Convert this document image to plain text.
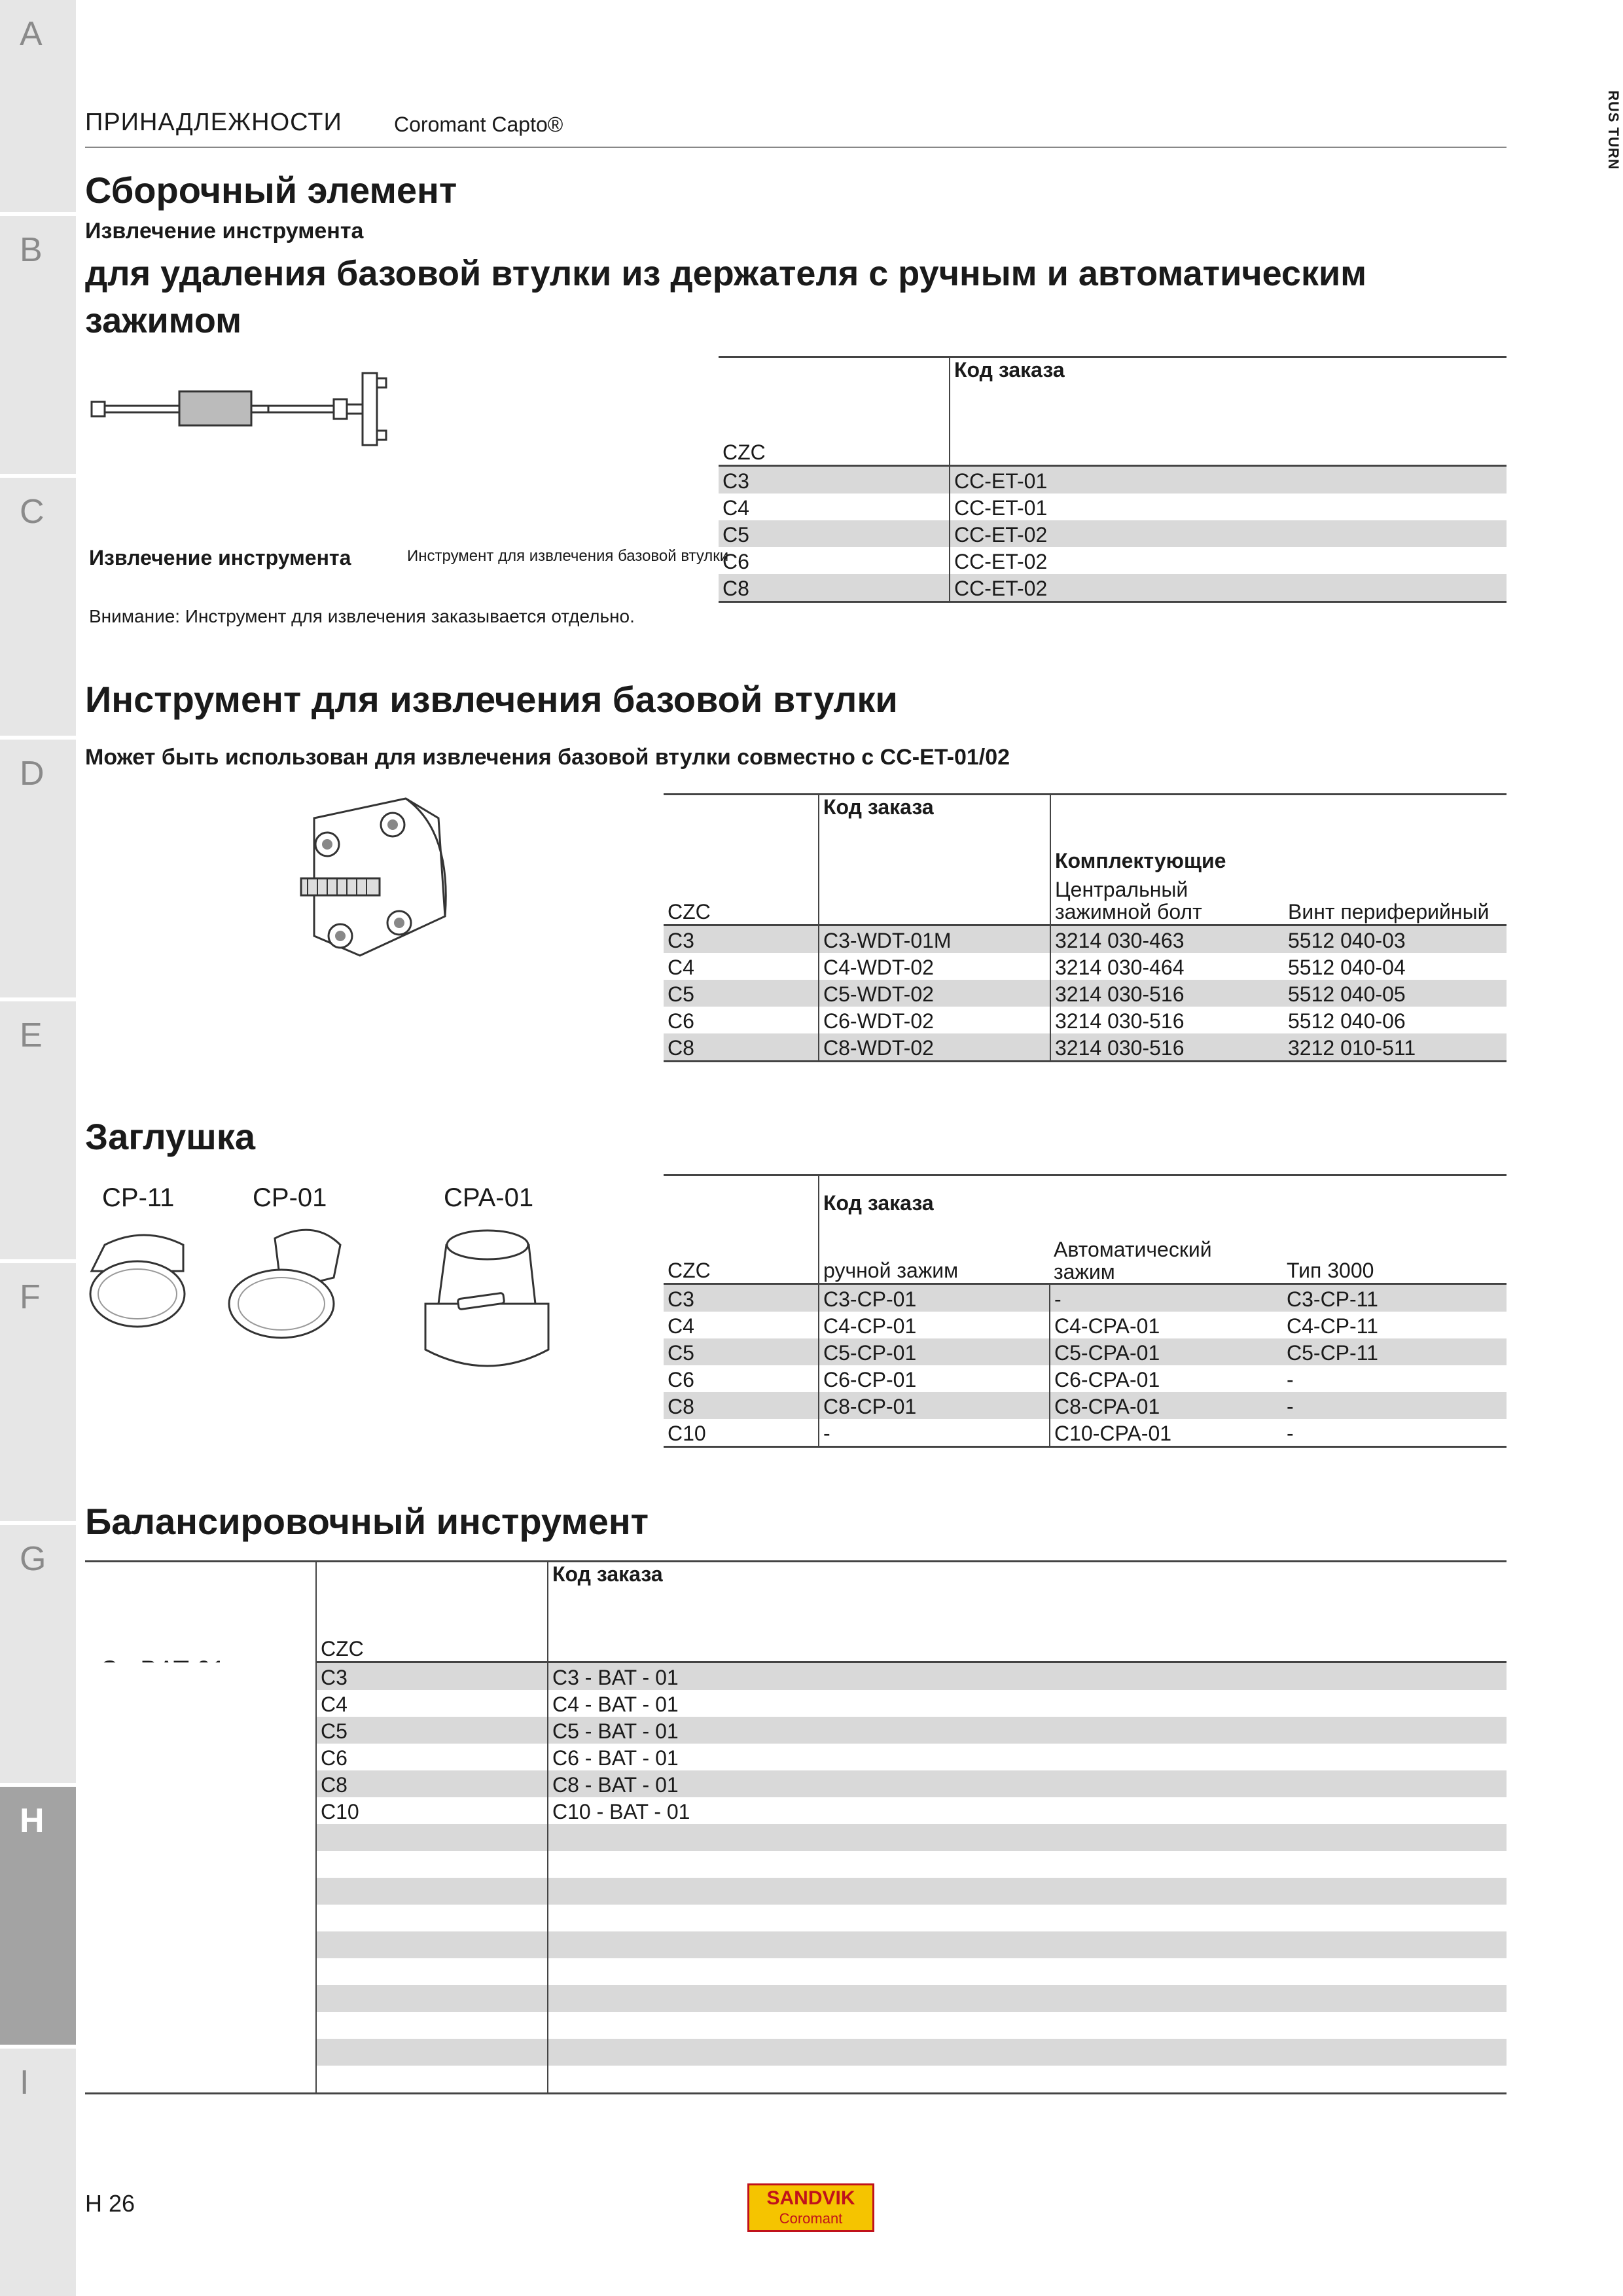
A
B
C
D
E
F
G
H
I
RUS TURN
ПРИНАДЛЕЖНОСТИ Coromant Capto®
Сборочный элемент
Извлечение инструмента
для удаления базовой втулки из держателя с ручным и автоматическим зажимом
Извлечение инструмента	Инструмент для извлечения базовой втулки
Внимание: Инструмент для извлечения заказывается отдельно.
CZC	Код заказа
C3	CC-ET-01
C4	CC-ET-01
C5	CC-ET-02
C6	CC-ET-02
C8	CC-ET-02
Инструмент для извлечения базовой втулки
Может быть использован для извлечения базовой втулки совместно с CC-ET-01/02
CZC	Код заказа	Комплектующие
Центральный зажимной болт	Винт периферийный
C3	C3-WDT-01M	3214 030-463	5512 040-03
C4	C4-WDT-02	3214 030-464	5512 040-04
C5	C5-WDT-02	3214 030-516	5512 040-05
C6	C6-WDT-02	3214 030-516	5512 040-06
C8	C8-WDT-02	3214 030-516	3212 010-511
Заглушка
CP-11	CP-01	CPA-01
CZC	Код заказа
ручной зажим	Автоматический зажим	Тип 3000
C3	C3-CP-01	-	C3-CP-11
C4	C4-CP-01	C4-CPA-01	C4-CP-11
C5	C5-CP-01	C5-CPA-01	C5-CP-11
C6	C6-CP-01	C6-CPA-01	-
C8	C8-CP-01	C8-CPA-01	-
C10	-	C10-CPA-01	-
Балансировочный инструмент
	CZC	Код заказа
	C3	C3 - BAT - 01
	C4	C4 - BAT - 01
	C5	C5 - BAT - 01
	C6	C6 - BAT - 01
	C8	C8 - BAT - 01
	C10	C10 - BAT - 01

H 26	SANDVIK
Coromant
